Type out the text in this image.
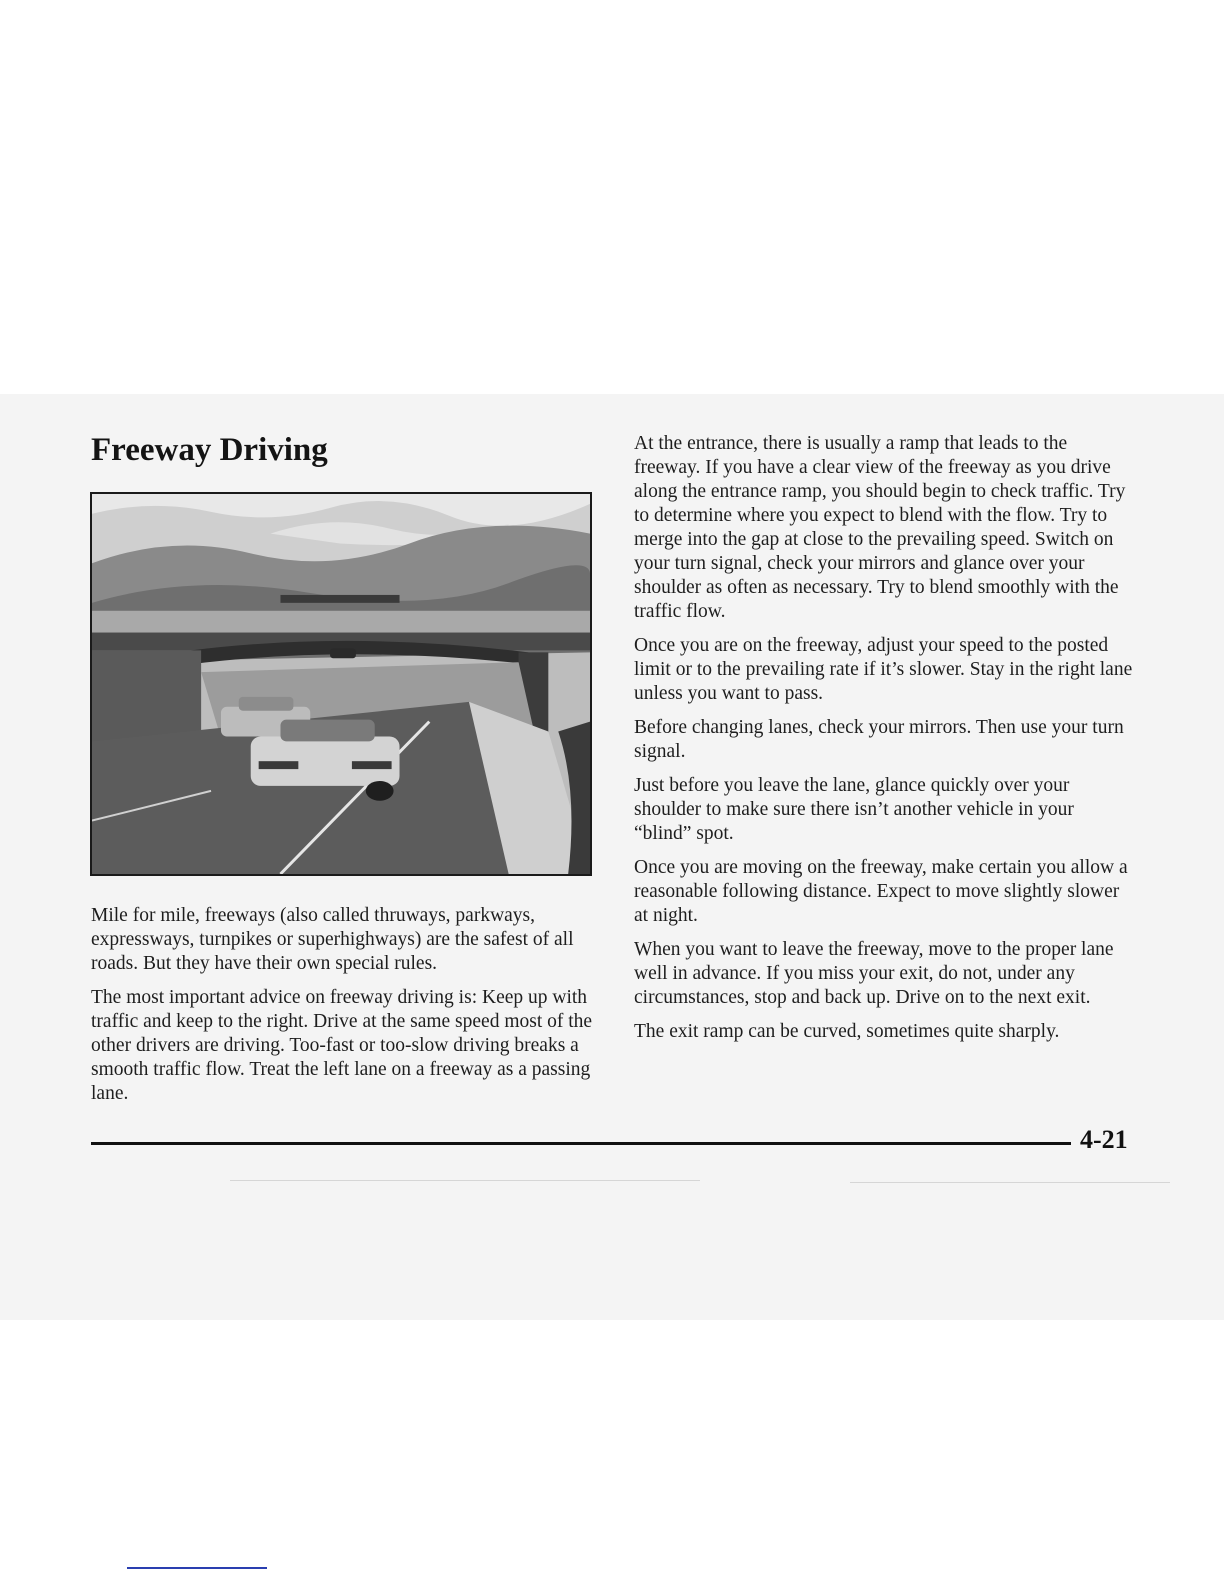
Freeway Driving

Mile for mile, freeways (also called thruways, parkways, expressways, turnpikes or superhighways) are the safest of all roads. But they have their own special rules.

The most important advice on freeway driving is: Keep up with traffic and keep to the right. Drive at the same speed most of the other drivers are driving. Too-fast or too-slow driving breaks a smooth traffic flow. Treat the left lane on a freeway as a passing lane.

At the entrance, there is usually a ramp that leads to the freeway. If you have a clear view of the freeway as you drive along the entrance ramp, you should begin to check traffic. Try to determine where you expect to blend with the flow. Try to merge into the gap at close to the prevailing speed. Switch on your turn signal, check your mirrors and glance over your shoulder as often as necessary. Try to blend smoothly with the traffic flow.

Once you are on the freeway, adjust your speed to the posted limit or to the prevailing rate if it’s slower. Stay in the right lane unless you want to pass.

Before changing lanes, check your mirrors. Then use your turn signal.

Just before you leave the lane, glance quickly over your shoulder to make sure there isn’t another vehicle in your “blind” spot.

Once you are moving on the freeway, make certain you allow a reasonable following distance. Expect to move slightly slower at night.

When you want to leave the freeway, move to the proper lane well in advance. If you miss your exit, do not, under any circumstances, stop and back up. Drive on to the next exit.

The exit ramp can be curved, sometimes quite sharply.

4-21
